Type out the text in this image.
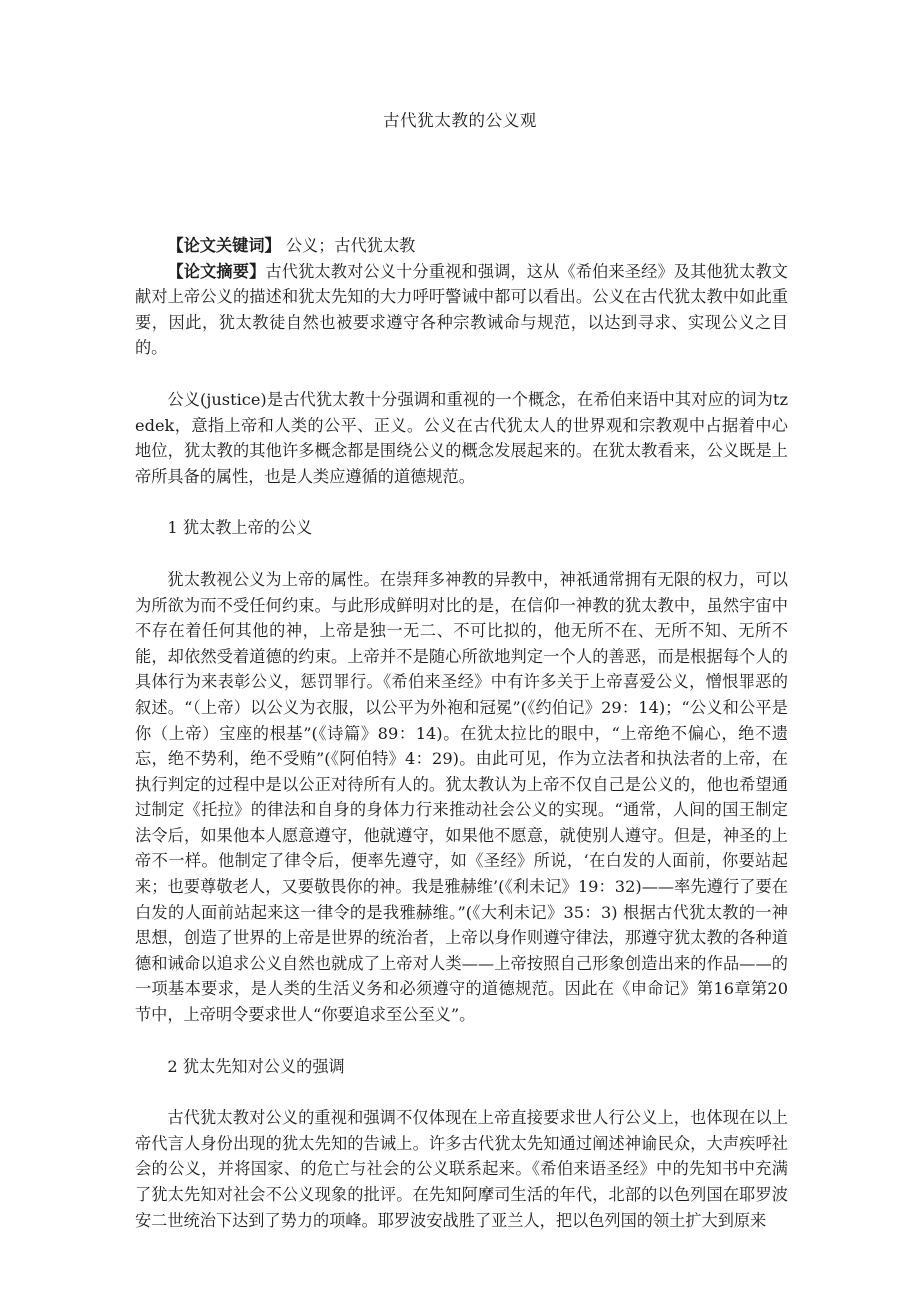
古代犹太教的公义观

【论文关键词】 公义；古代犹太教

【论文摘要】古代犹太教对公义十分重视和强调，这从《希伯来圣经》及其他犹太教文献对上帝公义的描述和犹太先知的大力呼吁警诫中都可以看出。公义在古代犹太教中如此重要，因此，犹太教徒自然也被要求遵守各种宗教诫命与规范，以达到寻求、实现公义之目的。

公义(justice)是古代犹太教十分强调和重视的一个概念，在希伯来语中其对应的词为tzedek，意指上帝和人类的公平、正义。公义在古代犹太人的世界观和宗教观中占据着中心地位，犹太教的其他许多概念都是围绕公义的概念发展起来的。在犹太教看来，公义既是上帝所具备的属性，也是人类应遵循的道德规范。

1 犹太教上帝的公义

犹太教视公义为上帝的属性。在崇拜多神教的异教中，神祇通常拥有无限的权力，可以为所欲为而不受任何约束。与此形成鲜明对比的是，在信仰一神教的犹太教中，虽然宇宙中不存在着任何其他的神，上帝是独一无二、不可比拟的，他无所不在、无所不知、无所不能，却依然受着道德的约束。上帝并不是随心所欲地判定一个人的善恶，而是根据每个人的具体行为来表彰公义，惩罚罪行。《希伯来圣经》中有许多关于上帝喜爱公义，憎恨罪恶的叙述。“（上帝）以公义为衣服，以公平为外袍和冠冕”(《约伯记》29：14)；“公义和公平是你（上帝）宝座的根基”(《诗篇》89：14)。在犹太拉比的眼中，“上帝绝不偏心，绝不遗忘，绝不势利，绝不受贿”(《阿伯特》4：29)。由此可见，作为立法者和执法者的上帝，在执行判定的过程中是以公正对待所有人的。犹太教认为上帝不仅自己是公义的，他也希望通过制定《托拉》的律法和自身的身体力行来推动社会公义的实现。“通常，人间的国王制定法令后，如果他本人愿意遵守，他就遵守，如果他不愿意，就使别人遵守。但是，神圣的上帝不一样。他制定了律令后，便率先遵守，如《圣经》所说，‘在白发的人面前，你要站起来；也要尊敬老人，又要敬畏你的神。我是雅赫维’(《利未记》19：32)——率先遵行了要在白发的人面前站起来这一律令的是我雅赫维。”(《大利未记》35：3) 根据古代犹太教的一神思想，创造了世界的上帝是世界的统治者，上帝以身作则遵守律法，那遵守犹太教的各种道德和诫命以追求公义自然也就成了上帝对人类——上帝按照自己形象创造出来的作品——的一项基本要求，是人类的生活义务和必须遵守的道德规范。因此在《申命记》第16章第20节中，上帝明令要求世人“你要追求至公至义”。

2 犹太先知对公义的强调

古代犹太教对公义的重视和强调不仅体现在上帝直接要求世人行公义上，也体现在以上帝代言人身份出现的犹太先知的告诫上。许多古代犹太先知通过阐述神谕民众，大声疾呼社会的公义，并将国家、的危亡与社会的公义联系起来。《希伯来语圣经》中的先知书中充满了犹太先知对社会不公义现象的批评。在先知阿摩司生活的年代，北部的以色列国在耶罗波安二世统治下达到了势力的项峰。耶罗波安战胜了亚兰人，把以色列国的领土扩大到原来
